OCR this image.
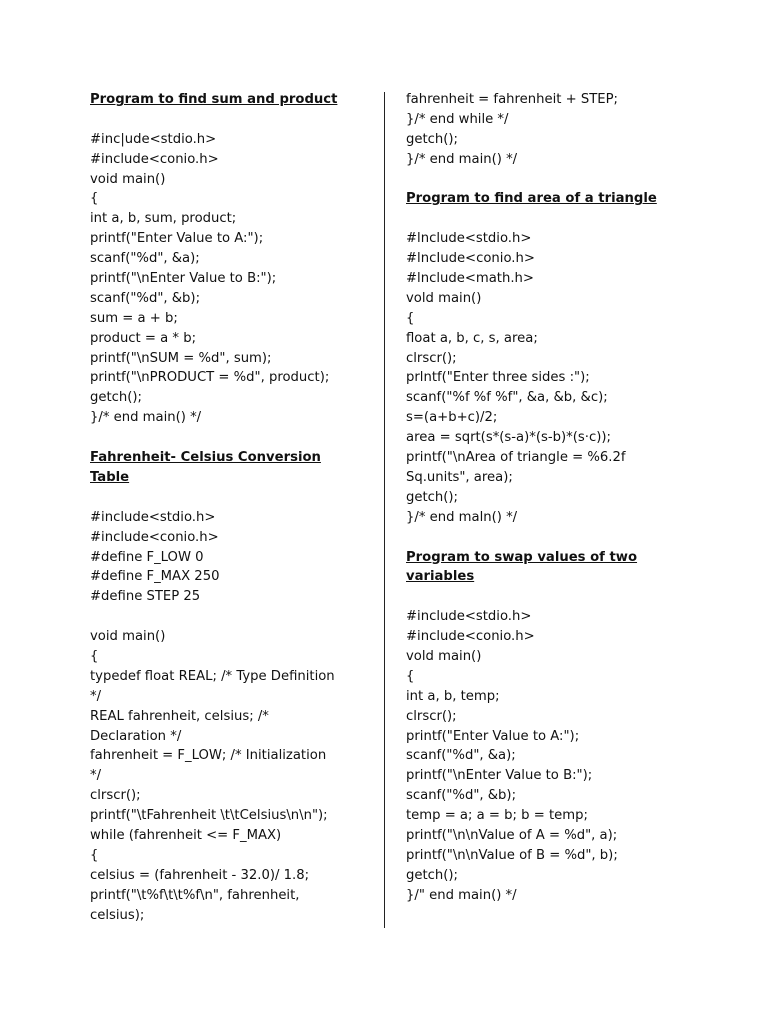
Program to find sum and product
#inc|ude<stdio.h>
#include<conio.h>
void main()
{
int a, b, sum, product;
printf("Enter Value to A:");
scanf("%d", &a);
printf("\nEnter Value to B:");
scanf("%d", &b);
sum = a + b;
product = a * b;
printf("\nSUM = %d", sum);
printf("\nPRODUCT = %d", product);
getch();
}/* end main() */
Fahrenheit- Celsius Conversion
Table
#include<stdio.h>
#include<conio.h>
#define F_LOW 0
#define F_MAX 250
#define STEP 25
void main()
{
typedef float REAL; /* Type Definition
*/
REAL fahrenheit, celsius; /*
Declaration */
fahrenheit = F_LOW; /* Initialization
*/
clrscr();
printf("\tFahrenheit \t\tCelsius\n\n");
while (fahrenheit <= F_MAX)
{
celsius = (fahrenheit - 32.0)/ 1.8;
printf("\t%f\t\t%f\n", fahrenheit,
celsius);
fahrenheit = fahrenheit + STEP;
}/* end while */
getch();
}/* end main() */
Program to find area of a triangle
#lnclude<stdio.h>
#lncIude<conio.h>
#lnclude<math.h>
vold main()
{
float a, b, c, s, area;
clrscr();
prlntf("Enter three sides :");
scanf("%f %f %f", &a, &b, &c);
s=(a+b+c)/2;
area = sqrt(s*(s-a)*(s-b)*(s·c));
printf("\nArea of triangle = %6.2f
Sq.units", area);
getch();
}/* end maln() */
Program to swap values of two
variables
#include<stdio.h>
#include<conio.h>
vold main()
{
int a, b, temp;
clrscr();
printf("Enter Value to A:");
scanf("%d", &a);
printf("\nEnter Value to B:");
scanf("%d", &b);
temp = a; a = b; b = temp;
printf("\n\nValue of A = %d", a);
printf("\n\nVaIue of B = %d", b);
getch();
}/" end main() */
